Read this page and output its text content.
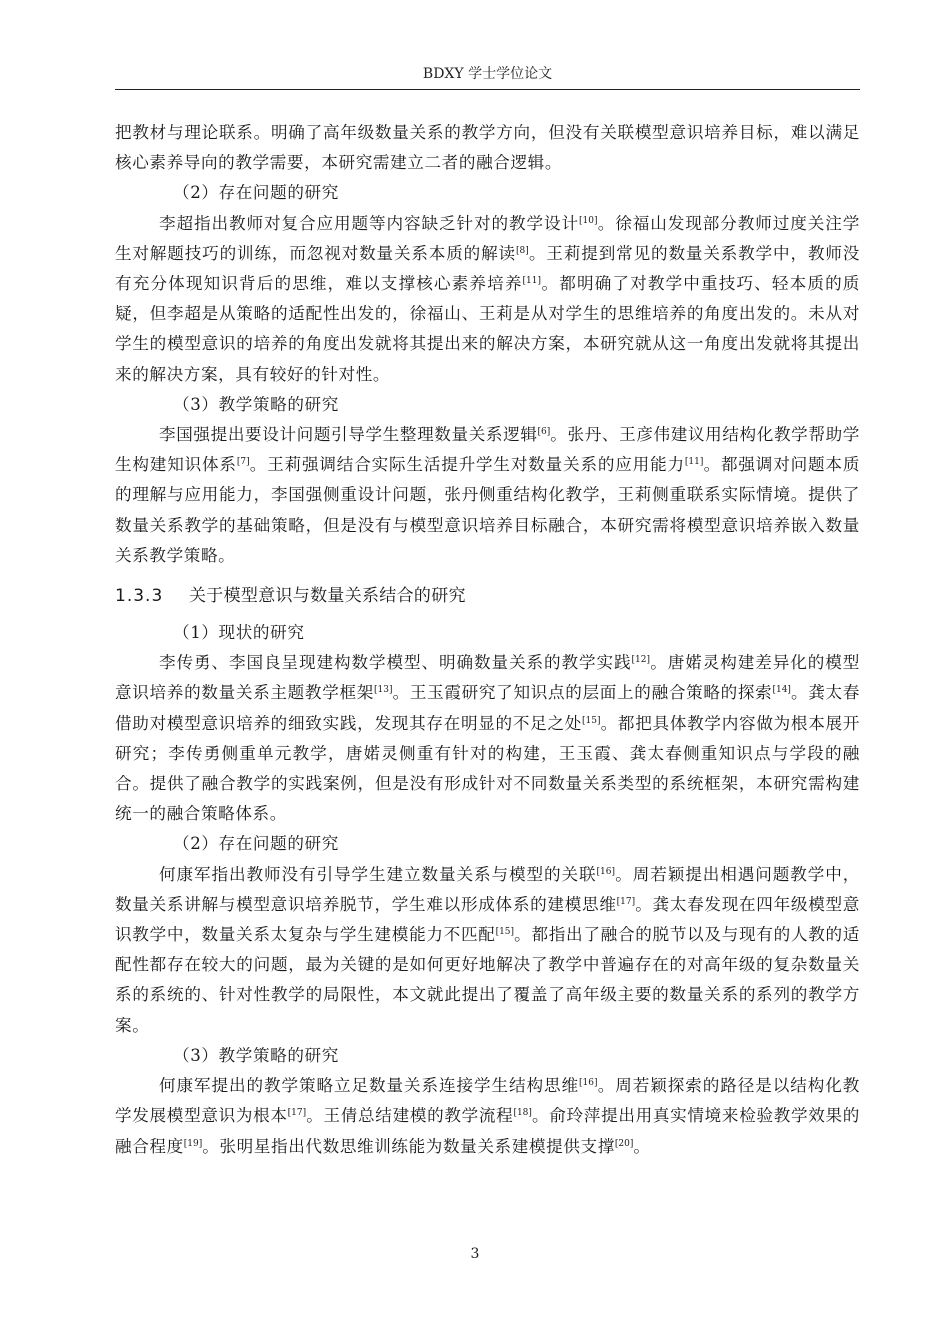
BDXY 学士学位论文

把教材与理论联系。明确了高年级数量关系的教学方向，但没有关联模型意识培养目标，难以满足核心素养导向的教学需要，本研究需建立二者的融合逻辑。

（2）存在问题的研究

李超指出教师对复合应用题等内容缺乏针对的教学设计[10]。徐福山发现部分教师过度关注学生对解题技巧的训练，而忽视对数量关系本质的解读[8]。王莉提到常见的数量关系教学中，教师没有充分体现知识背后的思维，难以支撑核心素养培养[11]。都明确了对教学中重技巧、轻本质的质疑，但李超是从策略的适配性出发的，徐福山、王莉是从对学生的思维培养的角度出发的。未从对学生的模型意识的培养的角度出发就将其提出来的解决方案，本研究就从这一角度出发就将其提出来的解决方案，具有较好的针对性。

（3）教学策略的研究

李国强提出要设计问题引导学生整理数量关系逻辑[6]。张丹、王彦伟建议用结构化教学帮助学生构建知识体系[7]。王莉强调结合实际生活提升学生对数量关系的应用能力[11]。都强调对问题本质的理解与应用能力，李国强侧重设计问题，张丹侧重结构化教学，王莉侧重联系实际情境。提供了数量关系教学的基础策略，但是没有与模型意识培养目标融合，本研究需将模型意识培养嵌入数量关系教学策略。

1.3.3 关于模型意识与数量关系结合的研究

（1）现状的研究

李传勇、李国良呈现建构数学模型、明确数量关系的教学实践[12]。唐婼灵构建差异化的模型意识培养的数量关系主题教学框架[13]。王玉霞研究了知识点的层面上的融合策略的探索[14]。龚太春借助对模型意识培养的细致实践，发现其存在明显的不足之处[15]。都把具体教学内容做为根本展开研究；李传勇侧重单元教学，唐婼灵侧重有针对的构建，王玉霞、龚太春侧重知识点与学段的融合。提供了融合教学的实践案例，但是没有形成针对不同数量关系类型的系统框架，本研究需构建统一的融合策略体系。

（2）存在问题的研究

何康军指出教师没有引导学生建立数量关系与模型的关联[16]。周若颖提出相遇问题教学中，数量关系讲解与模型意识培养脱节，学生难以形成体系的建模思维[17]。龚太春发现在四年级模型意识教学中，数量关系太复杂与学生建模能力不匹配[15]。都指出了融合的脱节以及与现有的人教的适配性都存在较大的问题，最为关键的是如何更好地解决了教学中普遍存在的对高年级的复杂数量关系的系统的、针对性教学的局限性，本文就此提出了覆盖了高年级主要的数量关系的系列的教学方案。

（3）教学策略的研究

何康军提出的教学策略立足数量关系连接学生结构思维[16]。周若颖探索的路径是以结构化教学发展模型意识为根本[17]。王倩总结建模的教学流程[18]。俞玲萍提出用真实情境来检验教学效果的融合程度[19]。张明星指出代数思维训练能为数量关系建模提供支撑[20]。

3
